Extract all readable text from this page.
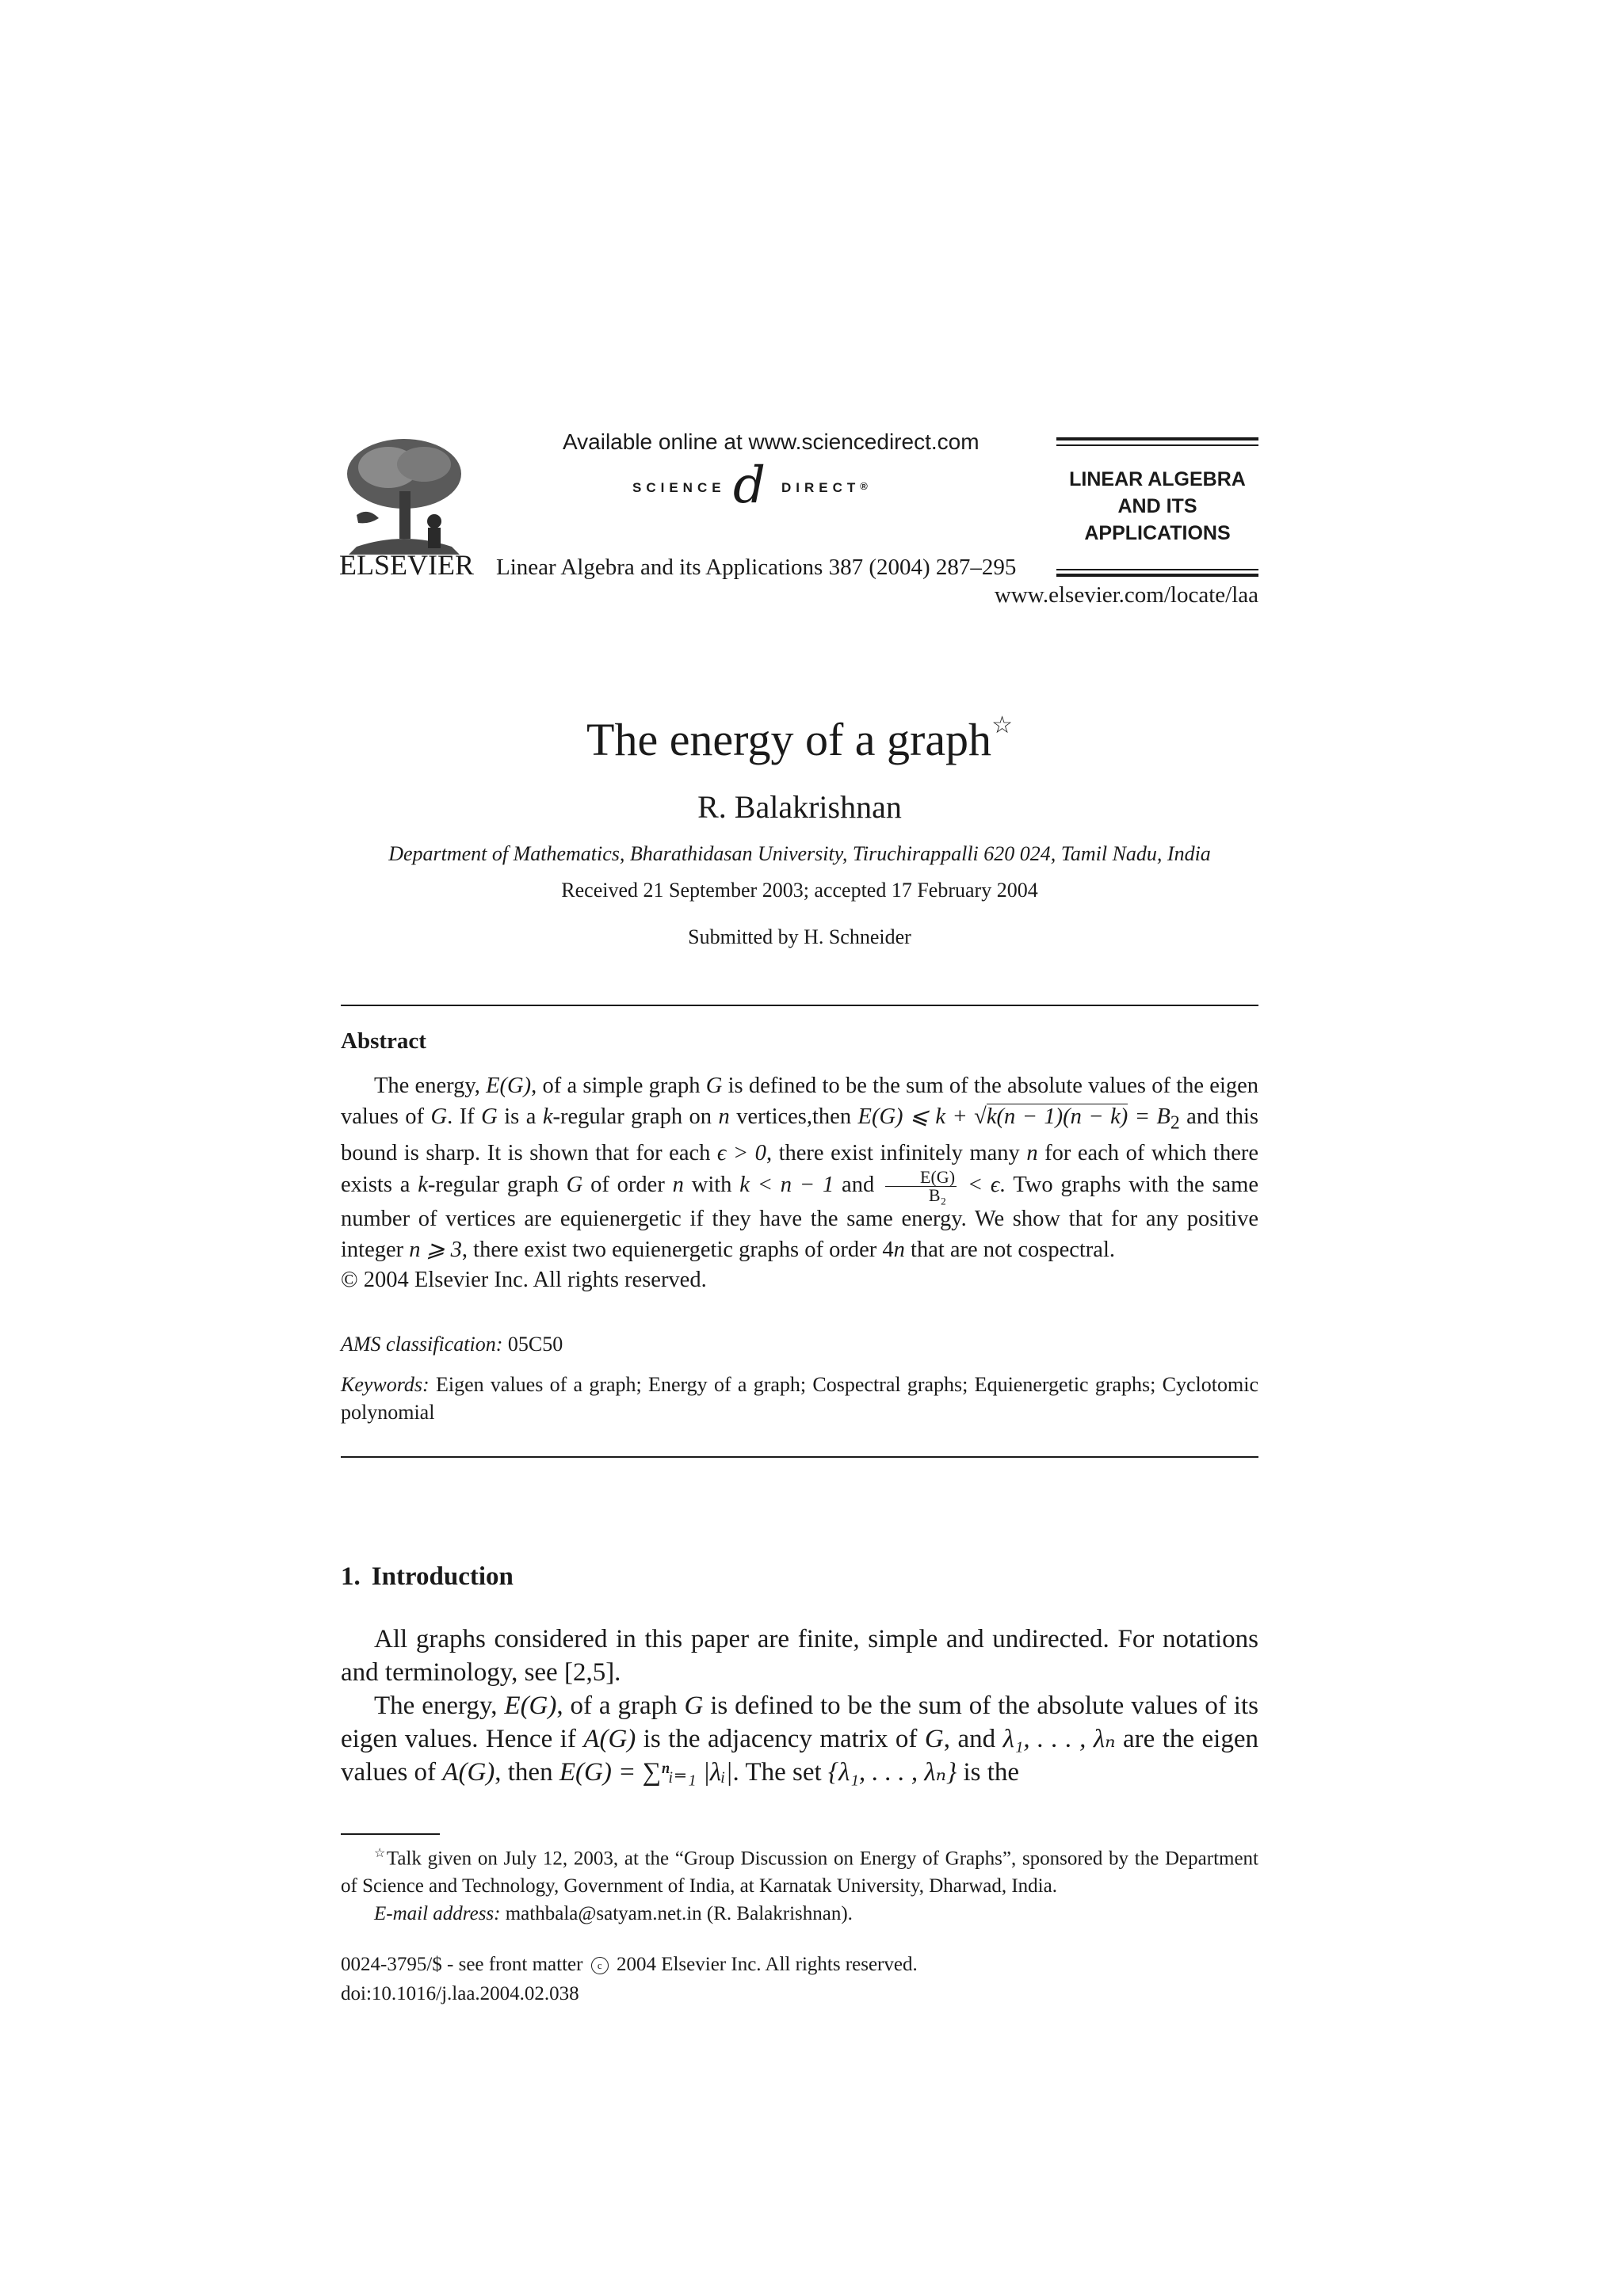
ELSEVIER
Available online at www.sciencedirect.com
SCIENCE d DIRECT®
Linear Algebra and its Applications 387 (2004) 287–295
www.elsevier.com/locate/laa
LINEAR ALGEBRA
AND ITS
APPLICATIONS
The energy of a graph☆
R. Balakrishnan
Department of Mathematics, Bharathidasan University, Tiruchirappalli 620 024, Tamil Nadu, India
Received 21 September 2003; accepted 17 February 2004
Submitted by H. Schneider
Abstract

The energy, E(G), of a simple graph G is defined to be the sum of the absolute values of the eigen values of G. If G is a k-regular graph on n vertices,then E(G) ⩽ $k + √k(n - 1)(n - k) = B_2$ and this bound is sharp. It is shown that for each ϵ > 0, there exist infinitely many n for each of which there exists a k-regular graph G of order n with k < n − 1 and $\frac{E(G)}{\text{B₂}} < \epsilon$. Two graphs with the same number of vertices are equienergetic if they have the same energy. We show that for any positive integer n ⩾ 3, there exist two equienergetic graphs of order 4n that are not cospectral.

© 2004 Elsevier Inc. All rights reserved.

AMS classification: 05C50
Keywords: Eigen values of a graph; Energy of a graph; Cospectral graphs; Equienergetic graphs; Cyclotomic polynomial
1. Introduction

All graphs considered in this paper are finite, simple and undirected. For notations and terminology, see [2,5].

The energy, E(G), of a graph G is defined to be the sum of the absolute values of its eigen values. Hence if A(G) is the adjacency matrix of G, and λ₁, . . . , λₙ are the eigen values of A(G), then E(G) = ∑ⁿᵢ₌₁ |λᵢ|. The set {λ₁, . . . , λₙ} is the

☆Talk given on July 12, 2003, at the “Group Discussion on Energy of Graphs”, sponsored by the Department of Science and Technology, Government of India, at Karnatak University, Dharwad, India.

E-mail address: mathbala@satyam.net.in (R. Balakrishnan).

0024-3795/$ - see front matter c 2004 Elsevier Inc. All rights reserved.

doi:10.1016/j.laa.2004.02.038
